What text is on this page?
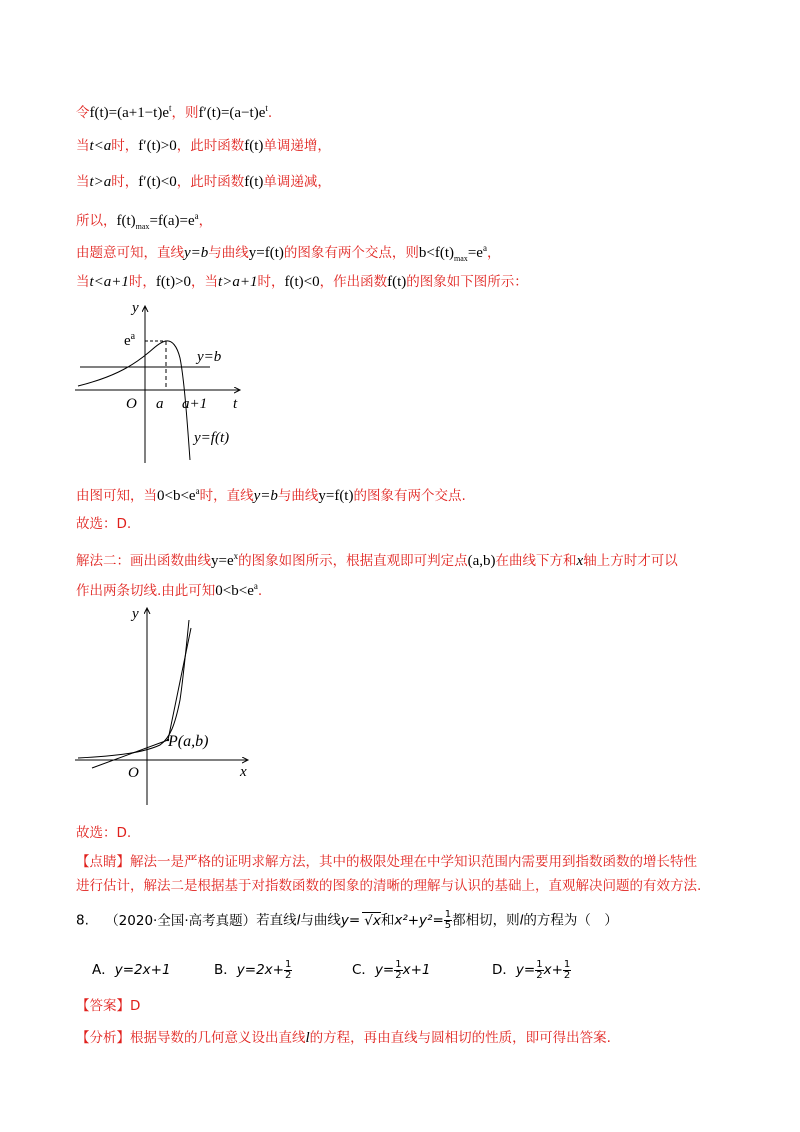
令$f(t)=(a+1-t)e^t$，则$f'(t)=(a-t)e^t$.
当t<a时，f′(t)>0，此时函数f(t)单调递增，
当t>a时，f′(t)<0，此时函数f(t)单调递减，
所以，$f(t)_{max}=f(a)=e^a$，
由题意可知，直线y=b与曲线y=f(t)的图象有两个交点，则$b<f(t)_{max}=e^a$，
当t<a+1时，f(t)>0，当t>a+1时，f(t)<0，作出函数f(t)的图象如下图所示：
y
t
O
$e^a$
y=b
a a+1
y=f(t)
由图可知，当$0<b<e^a$时，直线y=b与曲线y=f(t)的图象有两个交点.
故选：D.
解法二：画出函数曲线$y=e^x$的图象如图所示，根据直观即可判定点(a,b)在曲线下方和x轴上方时才可以
作出两条切线.由此可知$0<b<e^a$.
y
x
O
P(a,b)
故选：D.
【点睛】解法一是严格的证明求解方法，其中的极限处理在中学知识范围内需要用到指数函数的增长特性
进行估计，解法二是根据基于对指数函数的图象的清晰的理解与认识的基础上，直观解决问题的有效方法.
8. （2020·全国·高考真题）若直线l与曲线y= √x和$x^2+y^2= \frac{1}{5}$ 都相切，则l的方程为（　）
A．y=2x+1	B．$y=2x+ \frac{1}{2}$	C．$y= \frac{1}{2} x+1$	D．$y= \frac{1}{2} x+ \frac{1}{2}$
【答案】D
【分析】根据导数的几何意义设出直线l的方程，再由直线与圆相切的性质，即可得出答案.
